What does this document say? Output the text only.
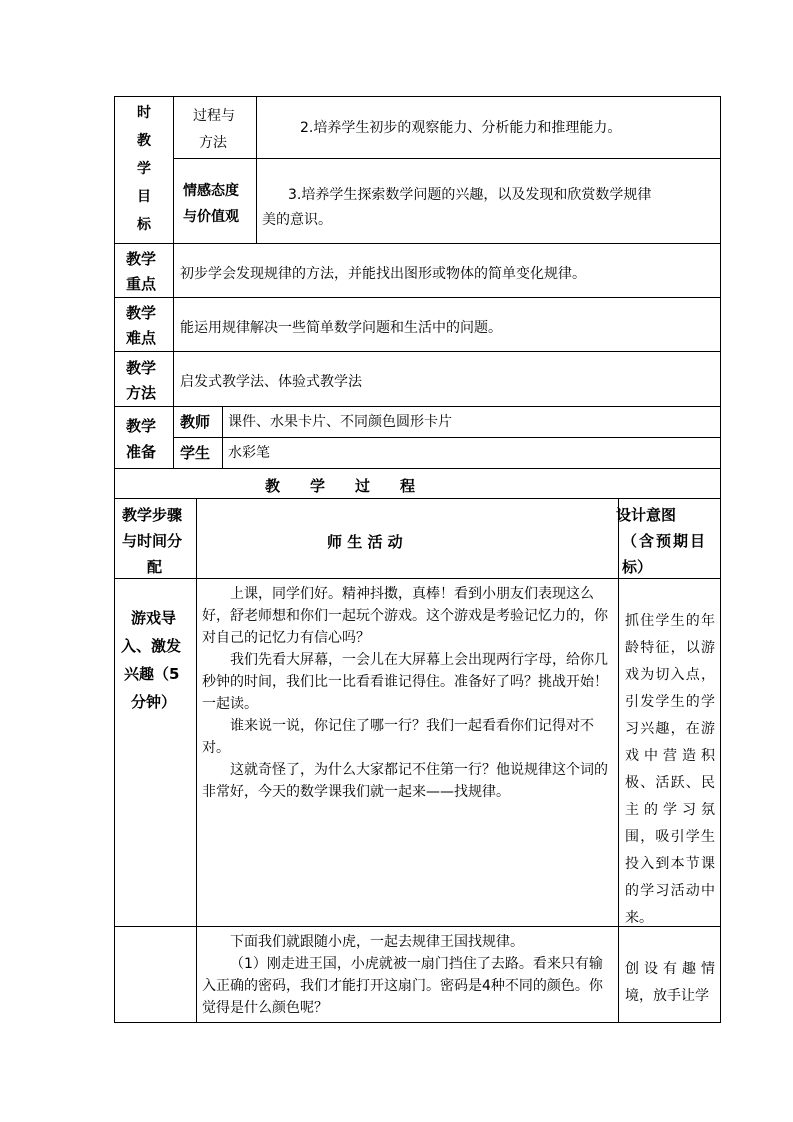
时
教
学
目
标
过程与
方法
2.培养学生初步的观察能力、分析能力和推理能力。
情感态度
与价值观
3.培养学生探索数学问题的兴趣，以及发现和欣赏数学规律
美的意识。
教学
重点
初步学会发现规律的方法，并能找出图形或物体的简单变化规律。
教学
难点
能运用规律解决一些简单数学问题和生活中的问题。
教学
方法
启发式教学法、体验式教学法
教学
准备
教师 课件、水果卡片、不同颜色圆形卡片
学生 水彩笔
教　　学　　过　　程
教学步骤
与时间分
配
师 生 活 动
设计意图
（含预期目
标）
游戏导
入、激发
兴趣（5
分钟）
上课，同学们好。精神抖擞，真棒！看到小朋友们表现这么好，舒老师想和你们一起玩个游戏。这个游戏是考验记忆力的，你对自己的记忆力有信心吗？
我们先看大屏幕，一会儿在大屏幕上会出现两行字母，给你几秒钟的时间，我们比一比看看谁记得住。准备好了吗？挑战开始！一起读。
谁来说一说，你记住了哪一行？我们一起看看你们记得对不对。
这就奇怪了，为什么大家都记不住第一行？他说规律这个词的非常好，今天的数学课我们就一起来——找规律。
抓住学生的年龄特征，以游戏为切入点，引发学生的学习兴趣，在游戏中营造积极、活跃、民主的学习氛围，吸引学生投入到本节课的学习活动中来。
下面我们就跟随小虎，一起去规律王国找规律。
（1）刚走进王国，小虎就被一扇门挡住了去路。看来只有输入正确的密码，我们才能打开这扇门。密码是4种不同的颜色。你觉得是什么颜色呢？
创设有趣情境，放手让学
